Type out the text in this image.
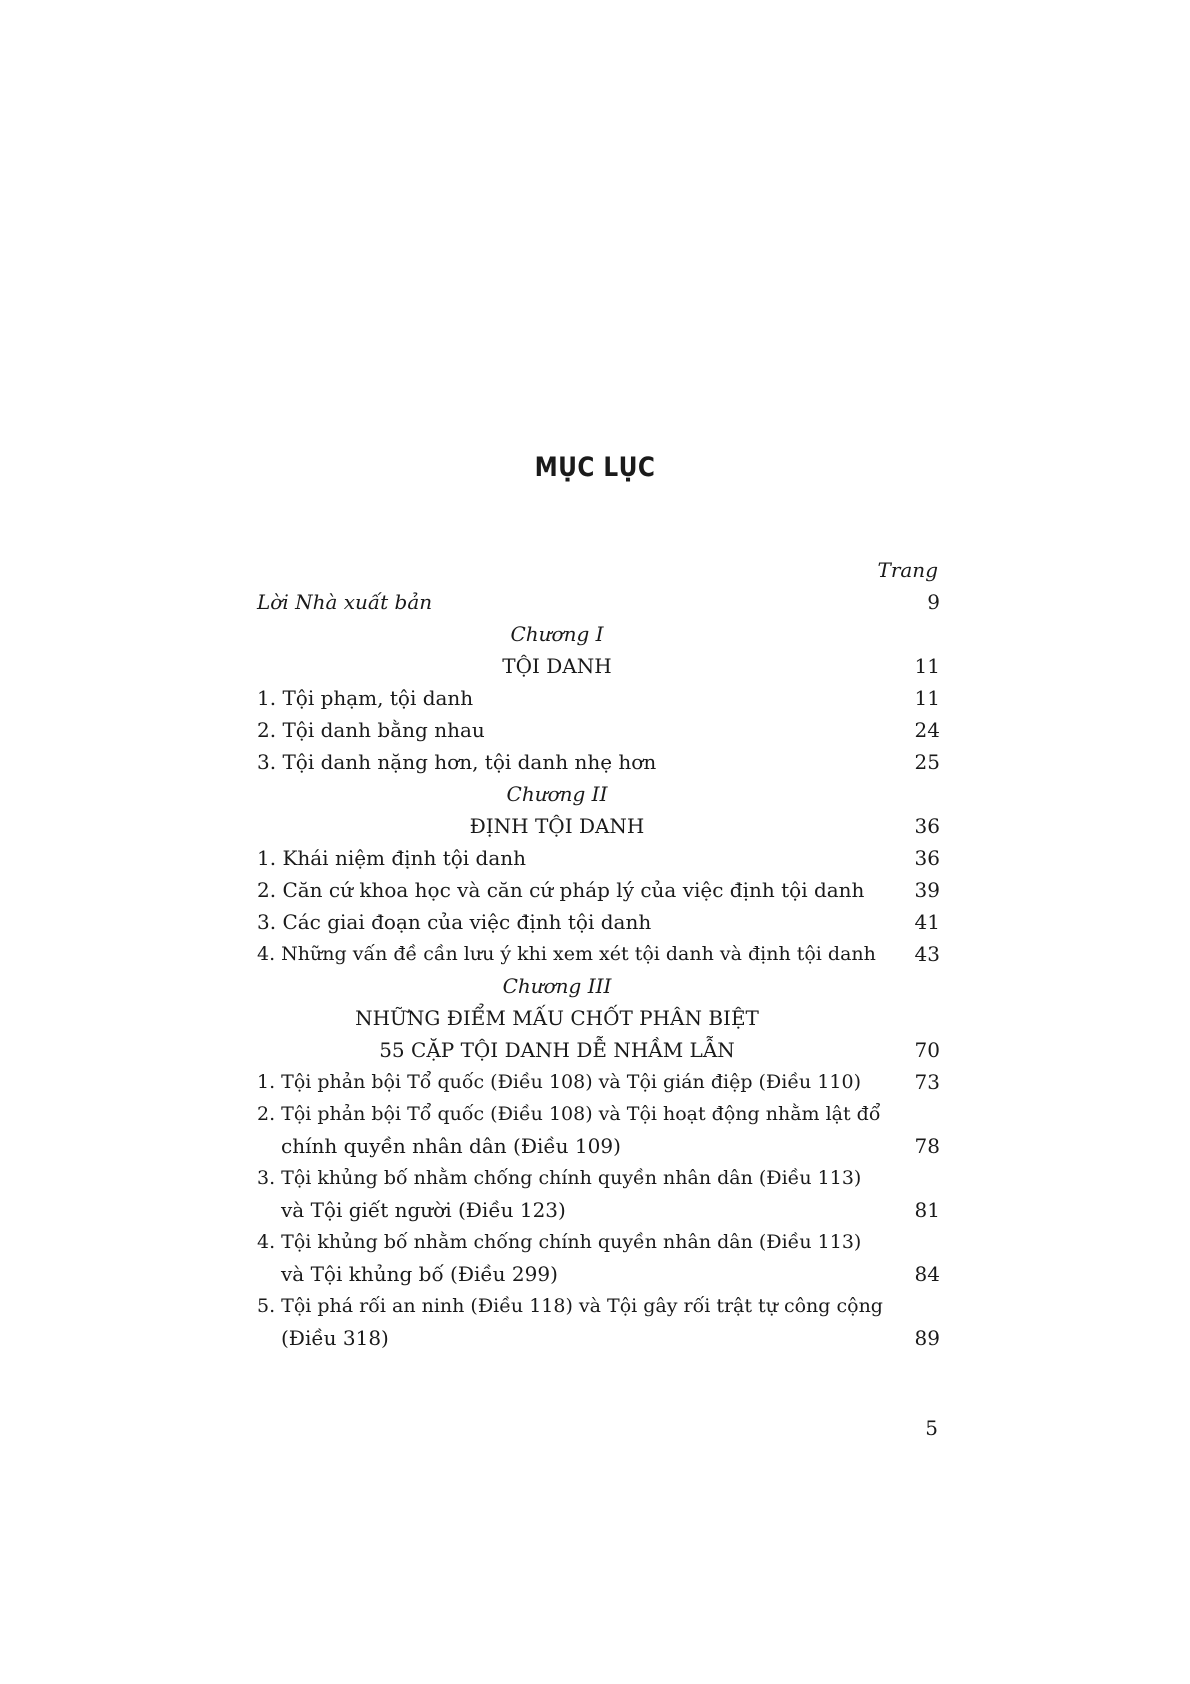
MỤC LỤC
Trang
Lời Nhà xuất bản	9
Chương I
TỘI DANH	11
1. Tội phạm, tội danh	11
2. Tội danh bằng nhau	24
3. Tội danh nặng hơn, tội danh nhẹ hơn	25
Chương II
ĐỊNH TỘI DANH	36
1. Khái niệm định tội danh	36
2. Căn cứ khoa học và căn cứ pháp lý của việc định tội danh	39
3. Các giai đoạn của việc định tội danh	41
4. Những vấn đề cần lưu ý khi xem xét tội danh và định tội danh 43
Chương III
NHỮNG ĐIỂM MẤU CHỐT PHÂN BIỆT
55 CẶP TỘI DANH DỄ NHẦM LẪN	70
1. Tội phản bội Tổ quốc (Điều 108) và Tội gián điệp (Điều 110)	73
2. Tội phản bội Tổ quốc (Điều 108) và Tội hoạt động nhằm lật đổ
chính quyền nhân dân (Điều 109)	78
3. Tội khủng bố nhằm chống chính quyền nhân dân (Điều 113)
và Tội giết người (Điều 123)	81
4. Tội khủng bố nhằm chống chính quyền nhân dân (Điều 113)
và Tội khủng bố (Điều 299)	84
5. Tội phá rối an ninh (Điều 118) và Tội gây rối trật tự công cộng
(Điều 318)	89
5
